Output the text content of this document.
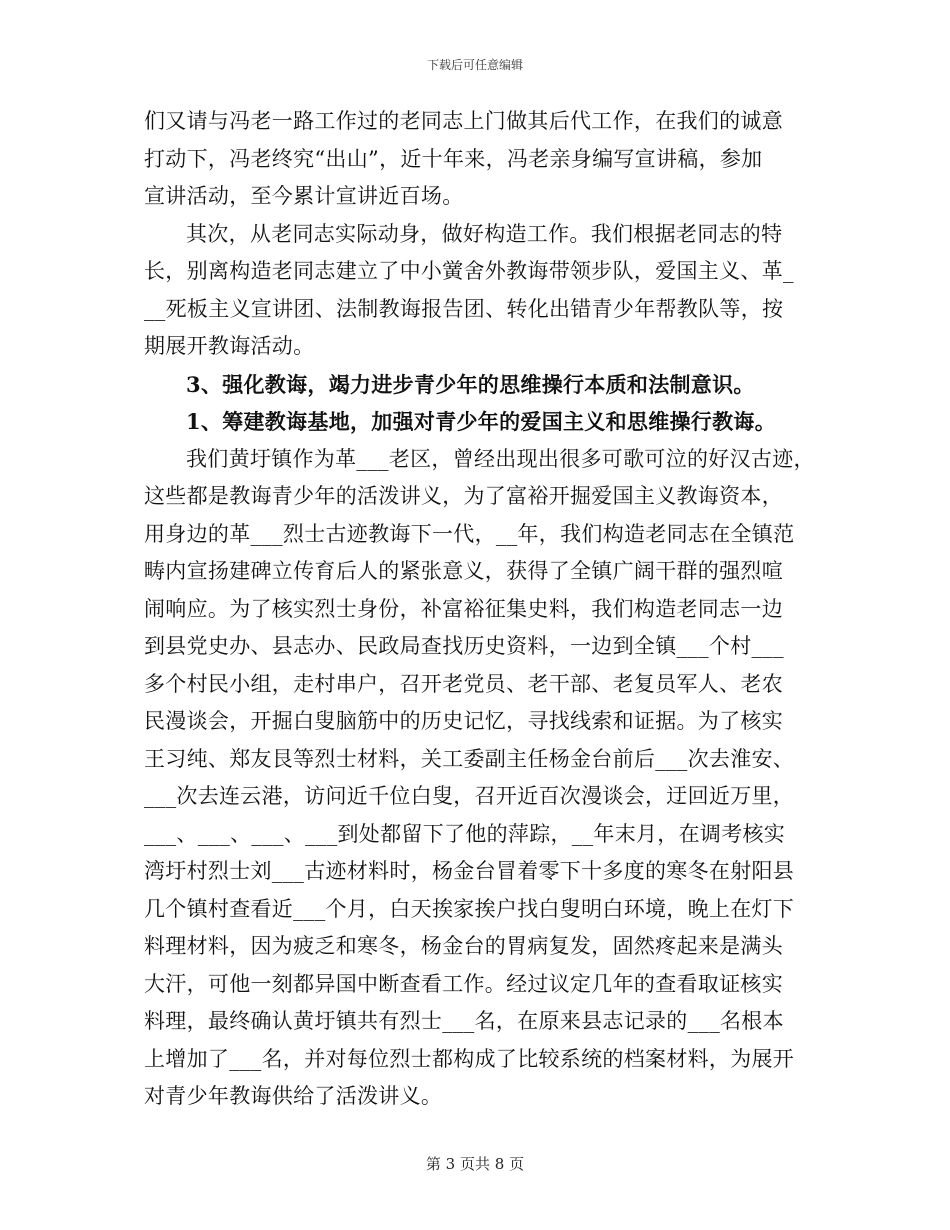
下载后可任意编辑
们又请与冯老一路工作过的老同志上门做其后代工作，在我们的诚意
打动下，冯老终究“出山”，近十年来，冯老亲身编写宣讲稿，参加
宣讲活动，至今累计宣讲近百场。
其次，从老同志实际动身，做好构造工作。我们根据老同志的特
长，别离构造老同志建立了中小黉舍外教诲带领步队，爱国主义、革_
__死板主义宣讲团、法制教诲报告团、转化出错青少年帮教队等，按
期展开教诲活动。
3、强化教诲，竭力进步青少年的思维操行本质和法制意识。
1、筹建教诲基地，加强对青少年的爱国主义和思维操行教诲。
我们黄圩镇作为革___老区，曾经出现出很多可歌可泣的好汉古迹，
这些都是教诲青少年的活泼讲义，为了富裕开掘爱国主义教诲资本，
用身边的革___烈士古迹教诲下一代，__年，我们构造老同志在全镇范
畴内宣扬建碑立传育后人的紧张意义，获得了全镇广阔干群的强烈喧
闹响应。为了核实烈士身份，补富裕征集史料，我们构造老同志一边
到县党史办、县志办、民政局查找历史资料，一边到全镇___个村___
多个村民小组，走村串户，召开老党员、老干部、老复员军人、老农
民漫谈会，开掘白叟脑筋中的历史记忆，寻找线索和证据。为了核实
王习纯、郑友艮等烈士材料，关工委副主任杨金台前后___次去淮安、
___次去连云港，访问近千位白叟，召开近百次漫谈会，迂回近万里，
___、___、___、___到处都留下了他的萍踪，__年末月，在调考核实
湾圩村烈士刘___古迹材料时，杨金台冒着零下十多度的寒冬在射阳县
几个镇村查看近___个月，白天挨家挨户找白叟明白环境，晚上在灯下
料理材料，因为疲乏和寒冬，杨金台的胃病复发，固然疼起来是满头
大汗，可他一刻都异国中断查看工作。经过议定几年的查看取证核实
料理，最终确认黄圩镇共有烈士___名，在原来县志记录的___名根本
上增加了___名，并对每位烈士都构成了比较系统的档案材料，为展开
对青少年教诲供给了活泼讲义。
第 3 页共 8 页
